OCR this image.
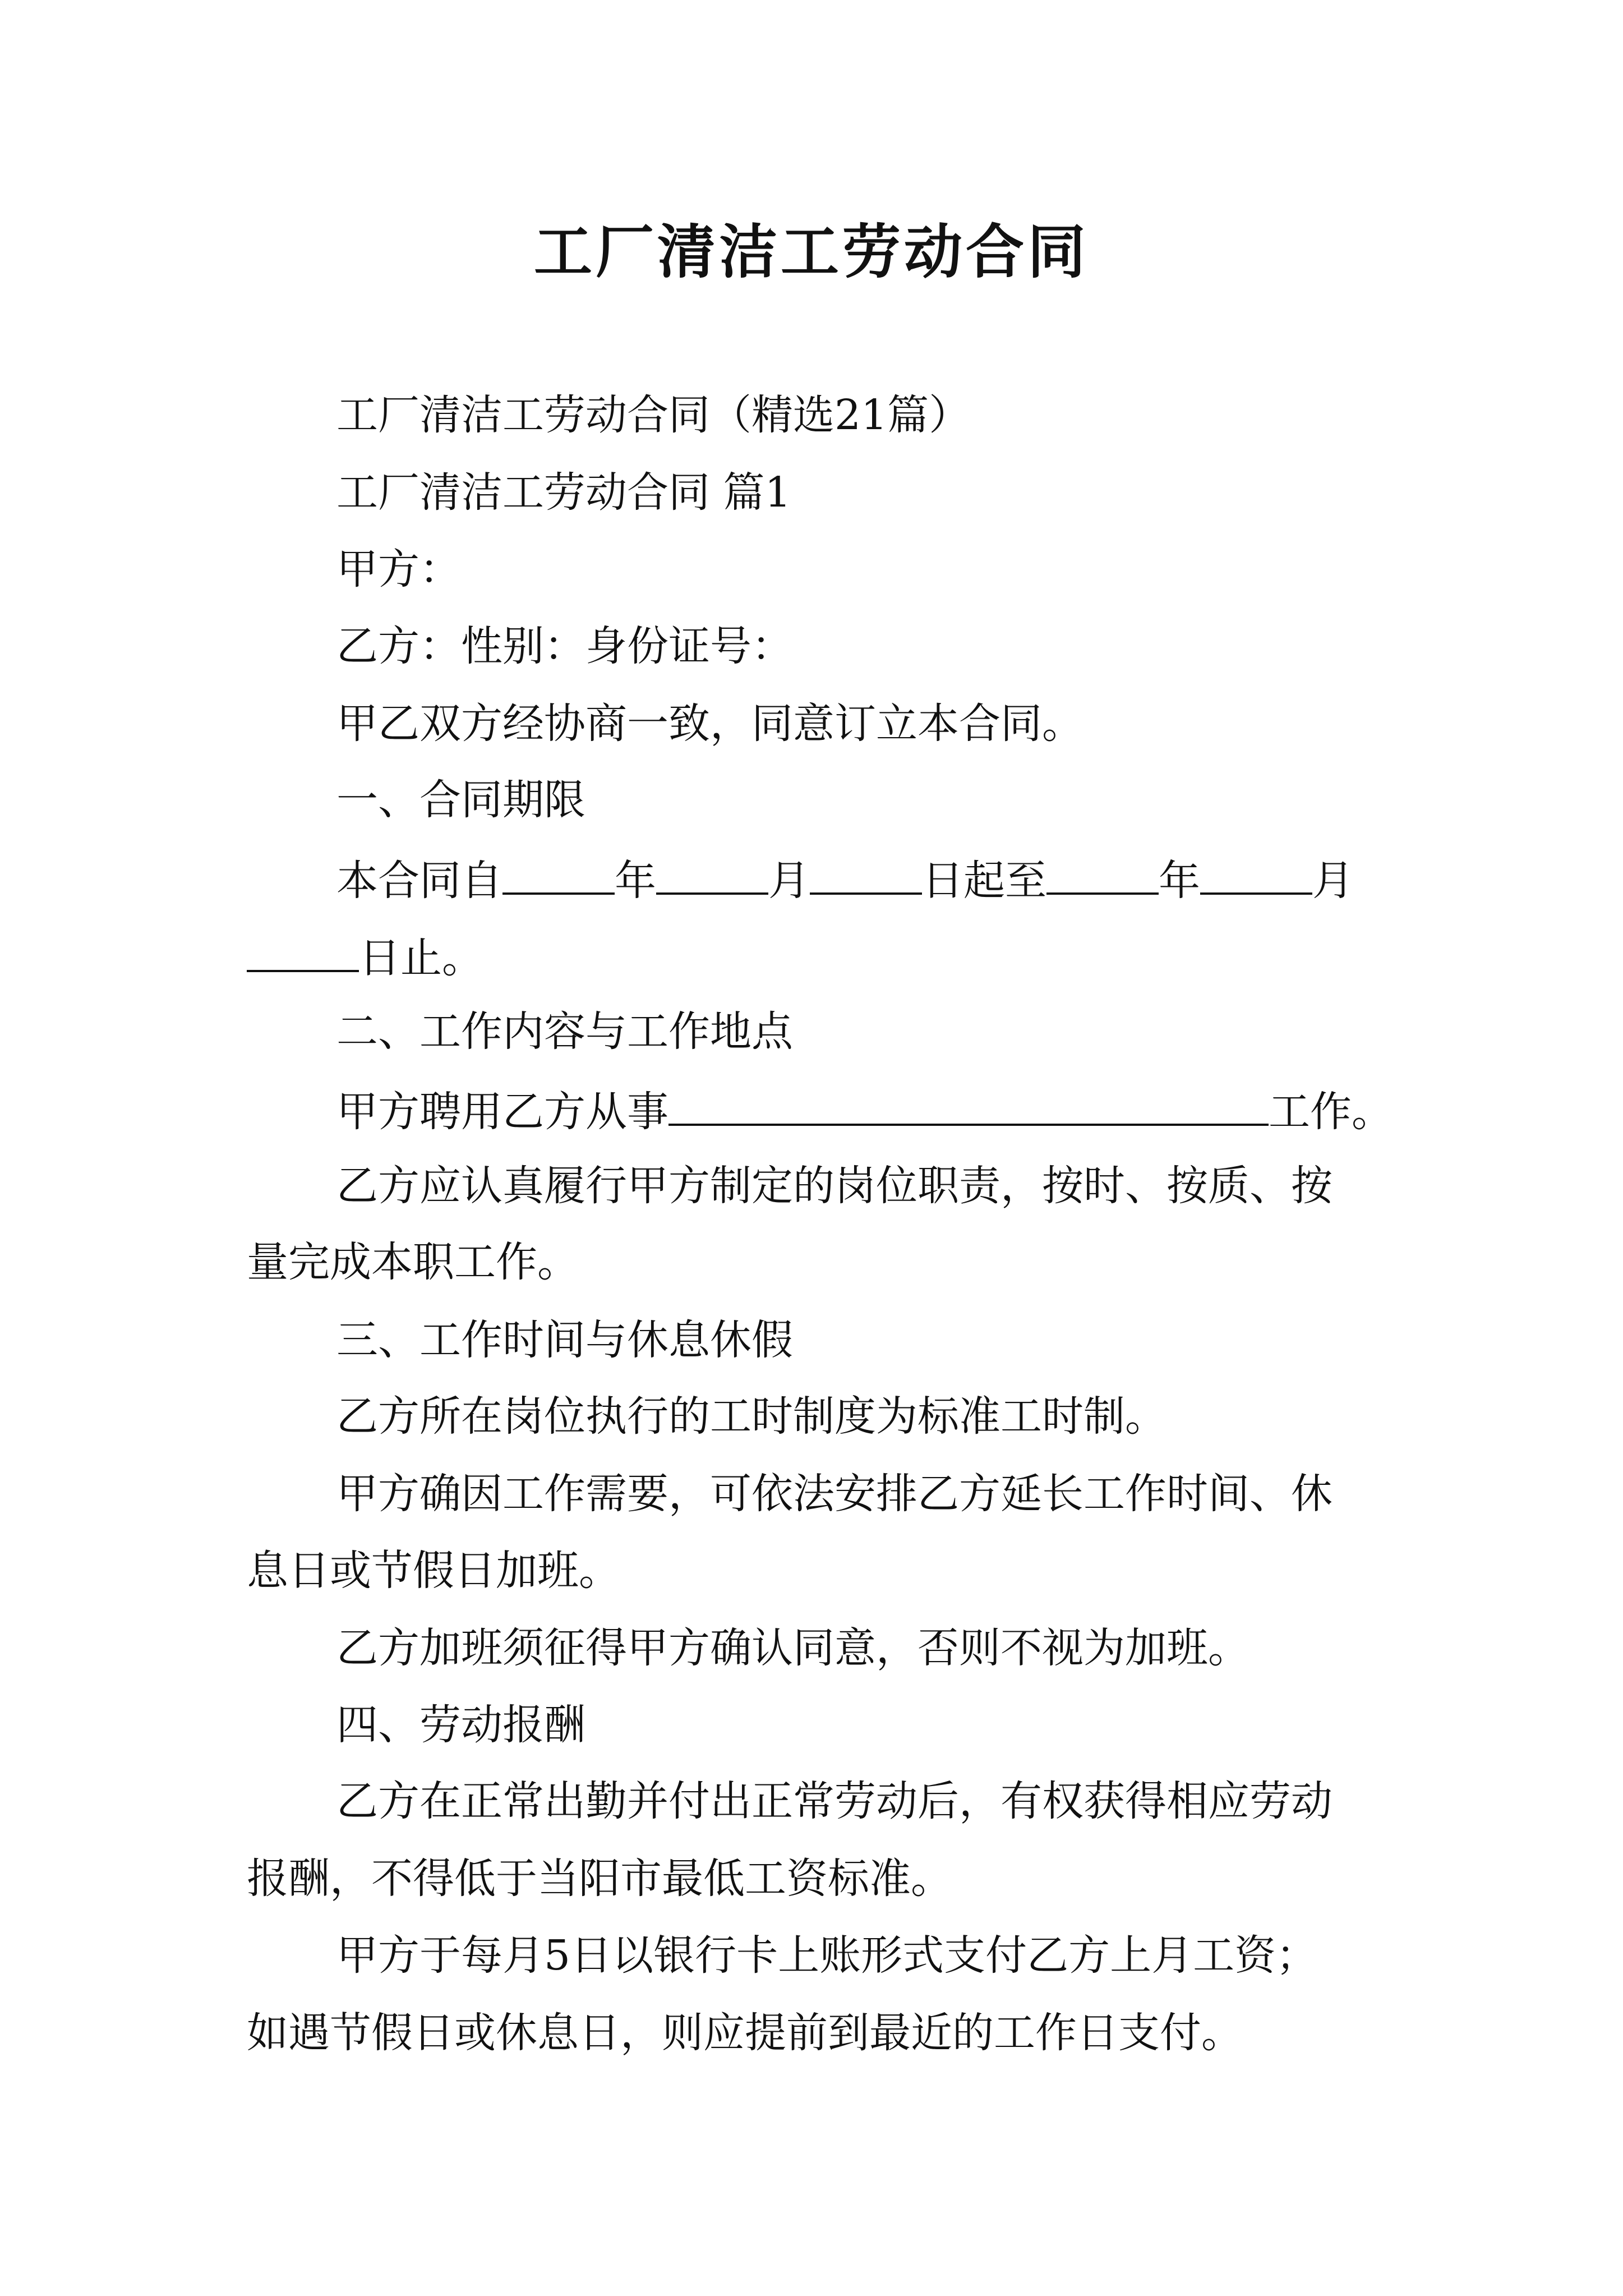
工厂清洁工劳动合同
工厂清洁工劳动合同（精选21篇）
工厂清洁工劳动合同 篇1
甲方：
乙方：性别：身份证号：
甲乙双方经协商一致，同意订立本合同。
一、合同期限
本合同自	年	月	日起至	年	月
日止。
二、工作内容与工作地点
甲方聘用乙方从事	工作。
乙方应认真履行甲方制定的岗位职责，按时、按质、按
量完成本职工作。
三、工作时间与休息休假
乙方所在岗位执行的工时制度为标准工时制。
甲方确因工作需要，可依法安排乙方延长工作时间、休
息日或节假日加班。
乙方加班须征得甲方确认同意，否则不视为加班。
四、劳动报酬
乙方在正常出勤并付出正常劳动后，有权获得相应劳动
报酬，不得低于当阳市最低工资标准。
甲方于每月5日以银行卡上账形式支付乙方上月工资；
如遇节假日或休息日，则应提前到最近的工作日支付。
